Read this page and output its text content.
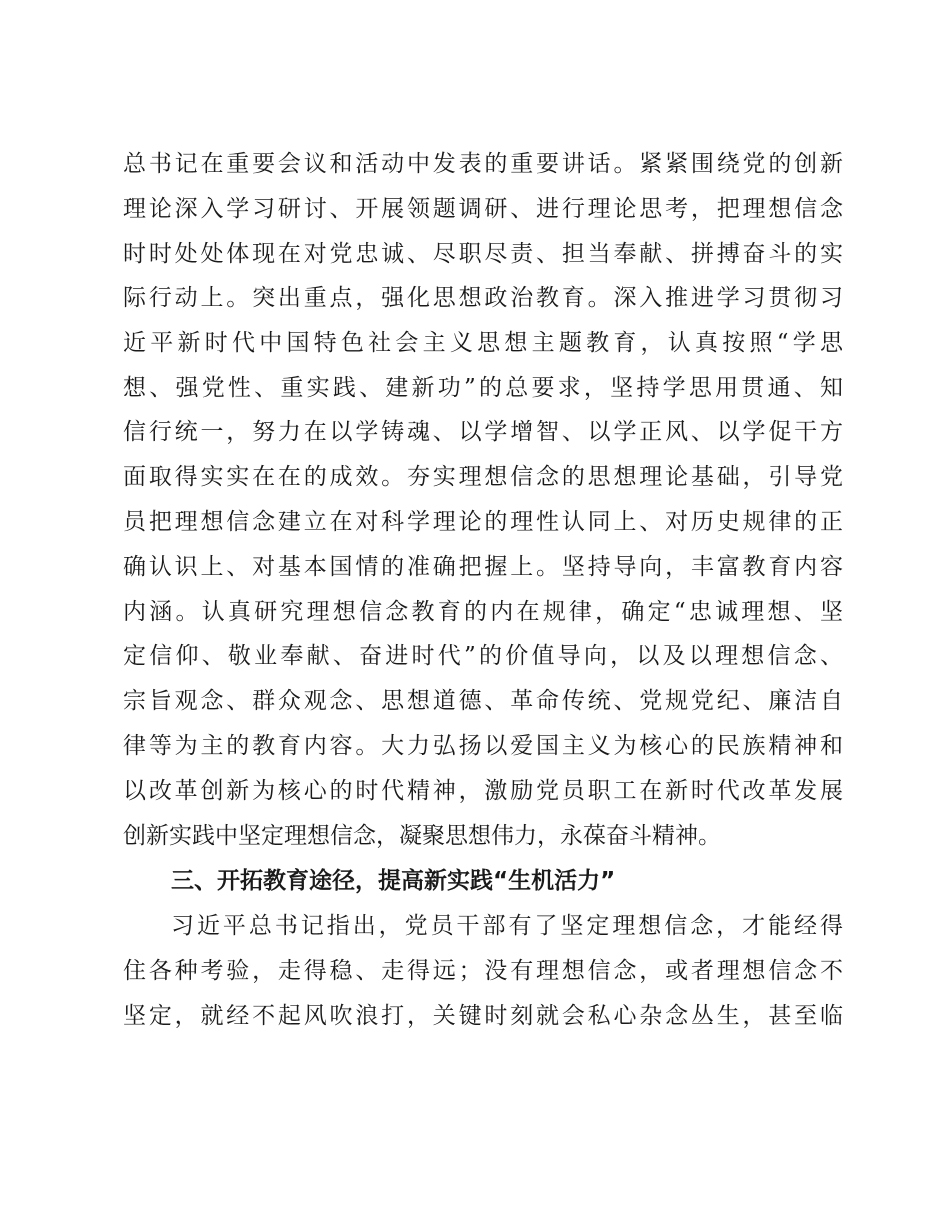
总书记在重要会议和活动中发表的重要讲话。紧紧围绕党的创新
理论深入学习研讨、开展领题调研、进行理论思考，把理想信念
时时处处体现在对党忠诚、尽职尽责、担当奉献、拼搏奋斗的实
际行动上。突出重点，强化思想政治教育。深入推进学习贯彻习
近平新时代中国特色社会主义思想主题教育，认真按照“学思
想、强党性、重实践、建新功”的总要求，坚持学思用贯通、知
信行统一，努力在以学铸魂、以学增智、以学正风、以学促干方
面取得实实在在的成效。夯实理想信念的思想理论基础，引导党
员把理想信念建立在对科学理论的理性认同上、对历史规律的正
确认识上、对基本国情的准确把握上。坚持导向，丰富教育内容
内涵。认真研究理想信念教育的内在规律，确定“忠诚理想、坚
定信仰、敬业奉献、奋进时代”的价值导向，以及以理想信念、
宗旨观念、群众观念、思想道德、革命传统、党规党纪、廉洁自
律等为主的教育内容。大力弘扬以爱国主义为核心的民族精神和
以改革创新为核心的时代精神，激励党员职工在新时代改革发展
创新实践中坚定理想信念，凝聚思想伟力，永葆奋斗精神。
三、开拓教育途径，提高新实践“生机活力”
习近平总书记指出，党员干部有了坚定理想信念，才能经得
住各种考验，走得稳、走得远；没有理想信念，或者理想信念不
坚定，就经不起风吹浪打，关键时刻就会私心杂念丛生，甚至临
